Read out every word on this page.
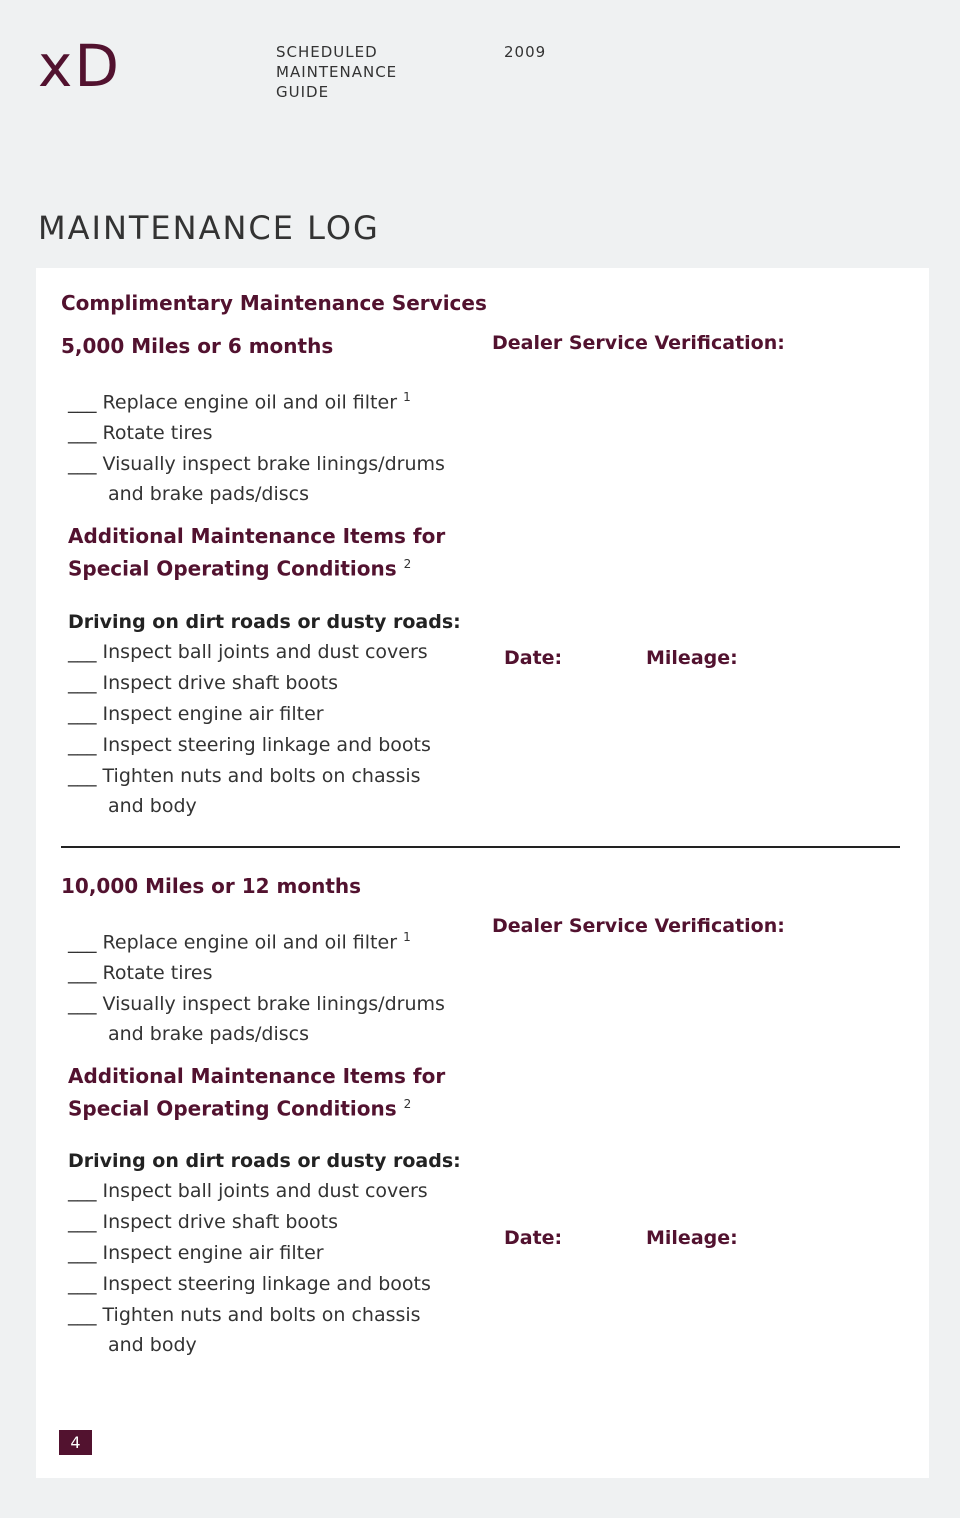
xD	SCHEDULED MAINTENANCE GUIDE
2009
MAINTENANCE LOG
Complimentary Maintenance Services
5,000 Miles or 6 months
___ Replace engine oil and oil filter $^1$
___ Rotate tires
___ Visually inspect brake linings/drums
and brake pads/discs
Additional Maintenance Items for
Special Operating Conditions $^2$
Driving on dirt roads or dusty roads:
___ Inspect ball joints and dust covers
___ Inspect drive shaft boots
___ Inspect engine air filter
___ Inspect steering linkage and boots
___ Tighten nuts and bolts on chassis
and body
Dealer Service Verification:
Date:	Mileage:
10,000 Miles or 12 months
___ Replace engine oil and oil filter $^1$
___ Rotate tires
___ Visually inspect brake linings/drums
and brake pads/discs
Additional Maintenance Items for
Special Operating Conditions $^2$
Driving on dirt roads or dusty roads:
___ Inspect ball joints and dust covers
___ Inspect drive shaft boots
___ Inspect engine air filter
___ Inspect steering linkage and boots
___ Tighten nuts and bolts on chassis
and body
Dealer Service Verification:
Date:	Mileage:
4
